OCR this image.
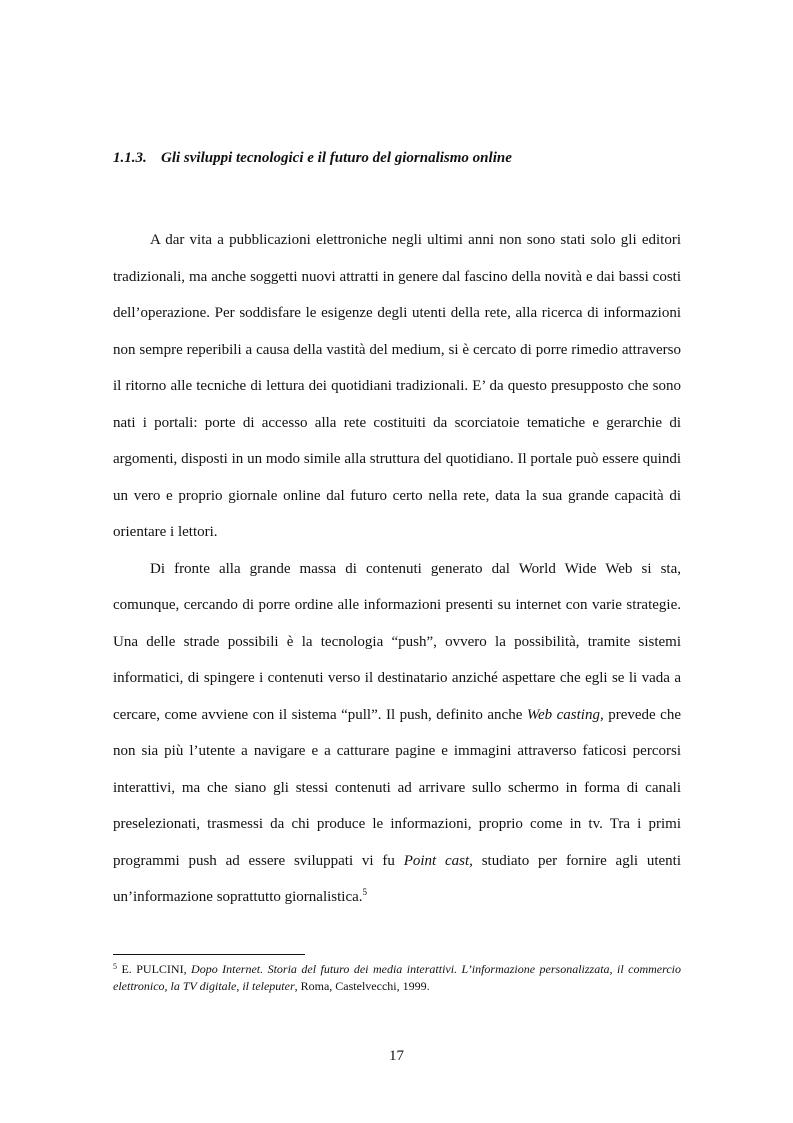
1.1.3. Gli sviluppi tecnologici e il futuro del giornalismo online

A dar vita a pubblicazioni elettroniche negli ultimi anni non sono stati solo gli editori tradizionali, ma anche soggetti nuovi attratti in genere dal fascino della novità e dai bassi costi dell’operazione. Per soddisfare le esigenze degli utenti della rete, alla ricerca di informazioni non sempre reperibili a causa della vastità del medium, si è cercato di porre rimedio attraverso il ritorno alle tecniche di lettura dei quotidiani tradizionali. E’ da questo presupposto che sono nati i portali: porte di accesso alla rete costituiti da scorciatoie tematiche e gerarchie di argomenti, disposti in un modo simile alla struttura del quotidiano. Il portale può essere quindi un vero e proprio giornale online dal futuro certo nella rete, data la sua grande capacità di orientare i lettori.

Di fronte alla grande massa di contenuti generato dal World Wide Web si sta, comunque, cercando di porre ordine alle informazioni presenti su internet con varie strategie. Una delle strade possibili è la tecnologia “push”, ovvero la possibilità, tramite sistemi informatici, di spingere i contenuti verso il destinatario anziché aspettare che egli se li vada a cercare, come avviene con il sistema “pull”. Il push, definito anche Web casting, prevede che non sia più l’utente a navigare e a catturare pagine e immagini attraverso faticosi percorsi interattivi, ma che siano gli stessi contenuti ad arrivare sullo schermo in forma di canali preselezionati, trasmessi da chi produce le informazioni, proprio come in tv. Tra i primi programmi push ad essere sviluppati vi fu Point cast, studiato per fornire agli utenti un’informazione soprattutto giornalistica.$^5$

$^5$ E. PULCINI, Dopo Internet. Storia del futuro dei media interattivi. L’informazione personalizzata, il commercio elettronico, la TV digitale, il teleputer, Roma, Castelvecchi, 1999.

17
